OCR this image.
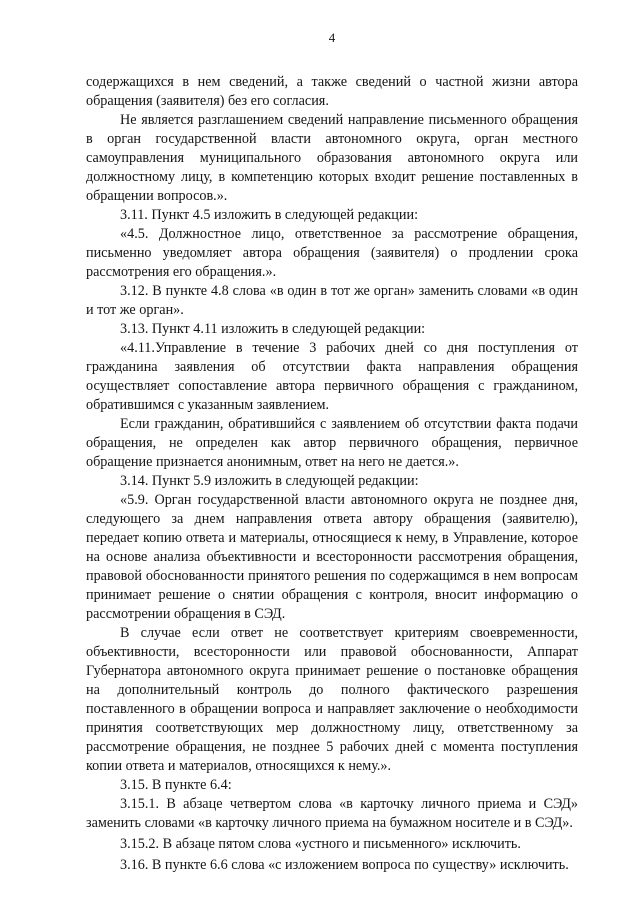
4

содержащихся в нем сведений, а также сведений о частной жизни автора обращения (заявителя) без его согласия.

Не является разглашением сведений направление письменного обращения в орган государственной власти автономного округа, орган местного самоуправления муниципального образования автономного округа или должностному лицу, в компетенцию которых входит решение поставленных в обращении вопросов.».

3.11. Пункт 4.5 изложить в следующей редакции:

«4.5. Должностное лицо, ответственное за рассмотрение обращения, письменно уведомляет автора обращения (заявителя) о продлении срока рассмотрения его обращения.».

3.12. В пункте 4.8 слова «в один в тот же орган» заменить словами «в один и тот же орган».

3.13. Пункт 4.11 изложить в следующей редакции:

«4.11.Управление в течение 3 рабочих дней со дня поступления от гражданина заявления об отсутствии факта направления обращения осуществляет сопоставление автора первичного обращения с гражданином, обратившимся с указанным заявлением.

Если гражданин, обратившийся с заявлением об отсутствии факта подачи обращения, не определен как автор первичного обращения, первичное обращение признается анонимным, ответ на него не дается.».

3.14. Пункт 5.9 изложить в следующей редакции:

«5.9. Орган государственной власти автономного округа не позднее дня, следующего за днем направления ответа автору обращения (заявителю), передает копию ответа и материалы, относящиеся к нему, в Управление, которое на основе анализа объективности и всесторонности рассмотрения обращения, правовой обоснованности принятого решения по содержащимся в нем вопросам принимает решение о снятии обращения с контроля, вносит информацию о рассмотрении обращения в СЭД.

В случае если ответ не соответствует критериям своевременности, объективности, всесторонности или правовой обоснованности, Аппарат Губернатора автономного округа принимает решение о постановке обращения на дополнительный контроль до полного фактического разрешения поставленного в обращении вопроса и направляет заключение о необходимости принятия соответствующих мер должностному лицу, ответственному за рассмотрение обращения, не позднее 5 рабочих дней с момента поступления копии ответа и материалов, относящихся к нему.».

3.15. В пункте 6.4:

3.15.1. В абзаце четвертом слова «в карточку личного приема и СЭД» заменить словами «в карточку личного приема на бумажном носителе и в СЭД».

3.15.2. В абзаце пятом слова «устного и письменного» исключить.

3.16. В пункте 6.6 слова «с изложением вопроса по существу» исключить.
